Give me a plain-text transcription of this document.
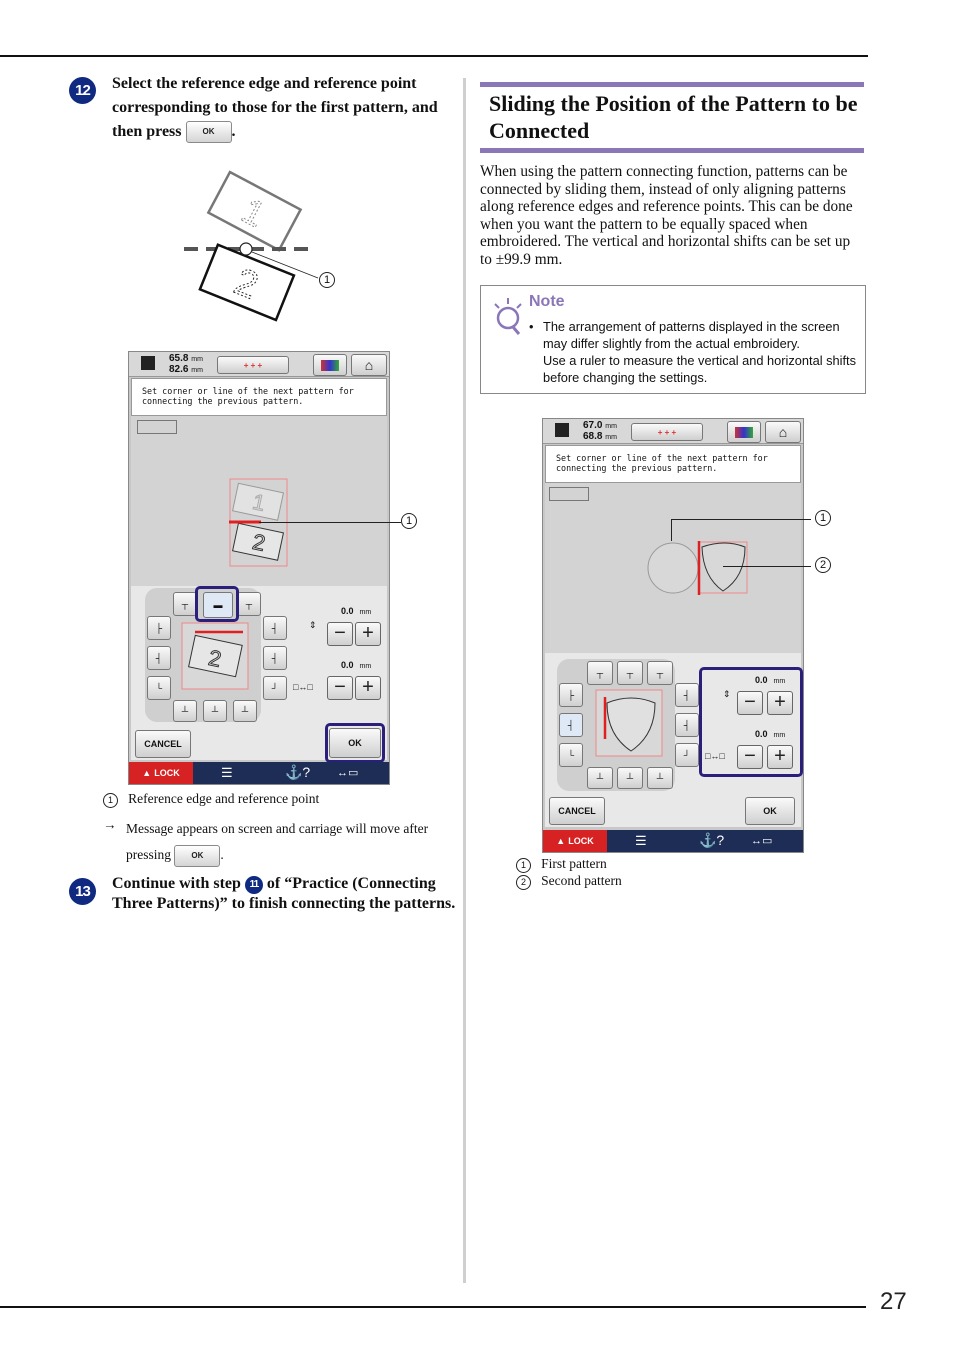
27
12	Select the reference edge and reference point corresponding to those for the first pattern, and then press	OK .
1
2	1
65.8 mm
82.6 mm
+ + +	⌂
Set corner or line of the next pattern for connecting the previous pattern.
1
2
┬	▬	┬
├
┤
└
┤
┤
┘
┴	┴	┴
2
0.0 mm
⇕ − +
0.0 mm
□↔□	− +
CANCEL	OK
▲ LOCK	☰	⚓? ↔▭
1
1 Reference edge and reference point
→ Message appears on screen and carriage will move after pressing	OK .
13	Continue with step 11 of “Practice (Connecting Three Patterns)” to finish connecting the patterns.
Sliding the Position of the Pattern to be Connected
When using the pattern connecting function, patterns can be connected by sliding them, instead of only aligning patterns along reference edges and reference points. This can be done when you want the pattern to be equally spaced when embroidered. The vertical and horizontal shifts can be set up to ±99.9 mm.
Note
• The arrangement of patterns displayed in the screen may differ slightly from the actual embroidery.
Use a ruler to measure the vertical and horizontal shifts before changing the settings.
67.0 mm
68.8 mm
+ + +	⌂
Set corner or line of the next pattern for connecting the previous pattern.
┬	┬	┬
├
┤
└
┤
┤
┘
┴	┴	┴
0.0 mm
⇕ − +
0.0 mm
□↔□ − +
CANCEL	OK
▲ LOCK	☰	⚓? ↔▭
1
2
1 First pattern
2 Second pattern
